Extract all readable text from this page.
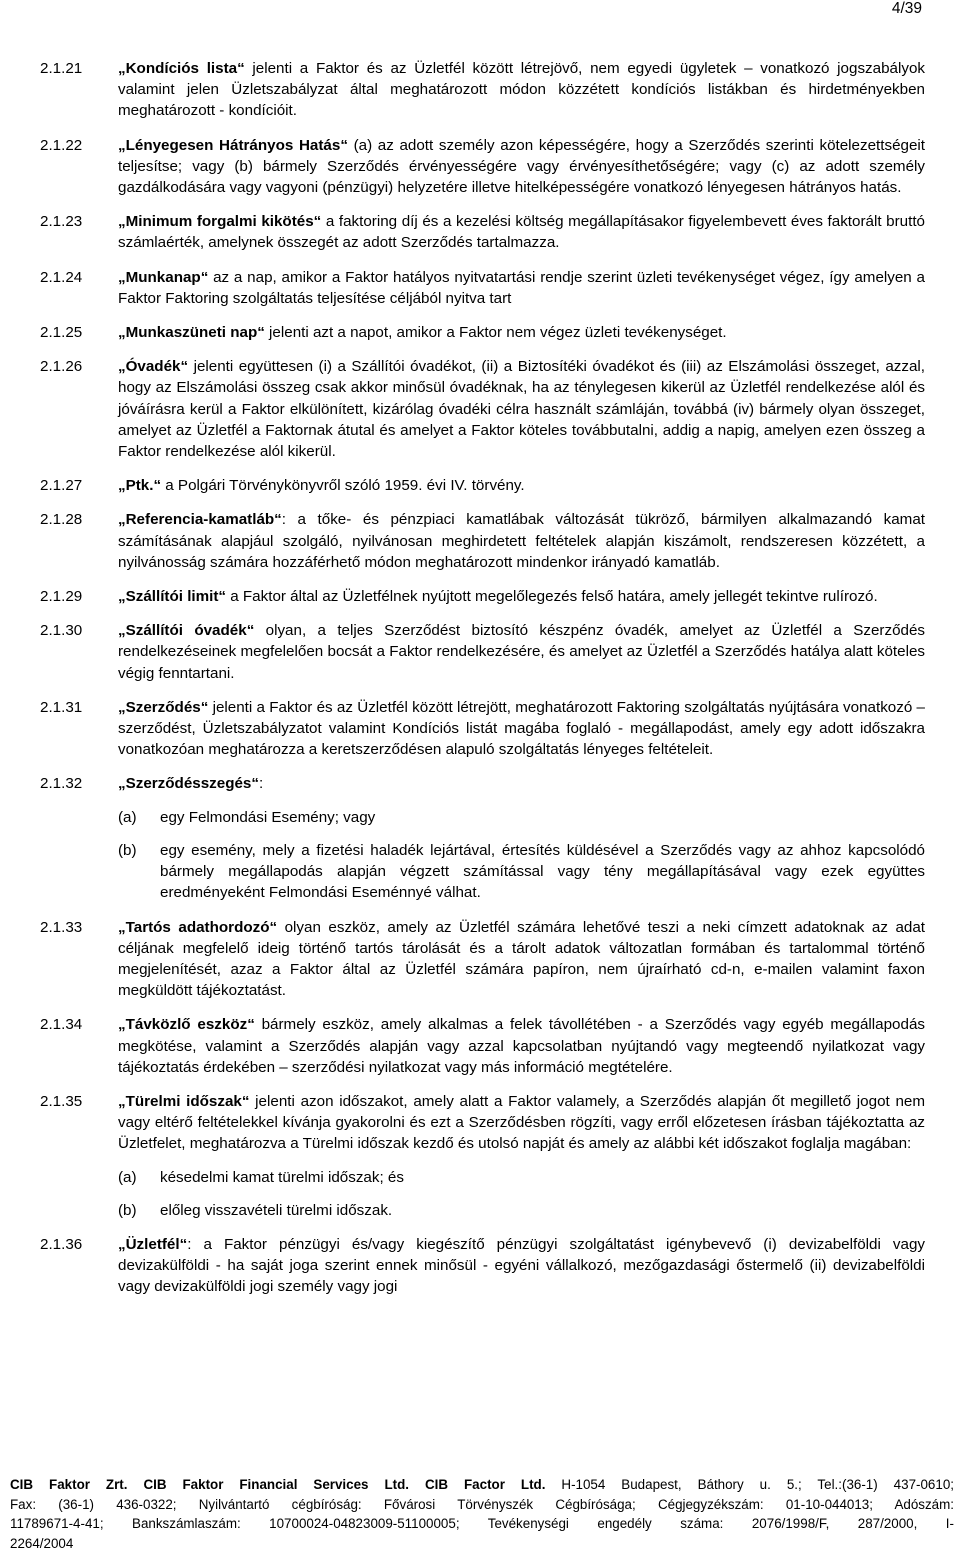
4/39
2.1.21	„Kondíciós lista“ jelenti a Faktor és az Üzletfél között létrejövő, nem egyedi ügyletek – vonatkozó jogszabályok valamint jelen Üzletszabályzat által meghatározott módon közzétett kondíciós listákban és hirdetményekben meghatározott - kondícióit.
2.1.22	„Lényegesen Hátrányos Hatás“ (a) az adott személy azon képességére, hogy a Szerződés szerinti kötelezettségeit teljesítse; vagy (b) bármely Szerződés érvényességére vagy érvényesíthetőségére; vagy (c) az adott személy gazdálkodására vagy vagyoni (pénzügyi) helyzetére illetve hitelképességére vonatkozó lényegesen hátrányos hatás.
2.1.23	„Minimum forgalmi kikötés“ a faktoring díj és a kezelési költség megállapításakor figyelembevett éves faktorált bruttó számlaérték, amelynek összegét az adott Szerződés tartalmazza.
2.1.24	„Munkanap“ az a nap, amikor a Faktor hatályos nyitvatartási rendje szerint üzleti tevékenységet végez, így amelyen a Faktor Faktoring szolgáltatás teljesítése céljából nyitva tart
2.1.25	„Munkaszüneti nap“ jelenti azt a napot, amikor a Faktor nem végez üzleti tevékenységet.
2.1.26	„Óvadék“ jelenti együttesen (i) a Szállítói óvadékot, (ii) a Biztosítéki óvadékot és (iii) az Elszámolási összeget, azzal, hogy az Elszámolási összeg csak akkor minősül óvadéknak, ha az ténylegesen kikerül az Üzletfél rendelkezése alól és jóváírásra kerül a Faktor elkülönített, kizárólag óvadéki célra használt számláján, továbbá (iv) bármely olyan összeget, amelyet az Üzletfél a Faktornak átutal és amelyet a Faktor köteles továbbutalni, addig a napig, amelyen ezen összeg a Faktor rendelkezése alól kikerül.
2.1.27	„Ptk.“ a Polgári Törvénykönyvről szóló 1959. évi IV. törvény.
2.1.28	„Referencia-kamatláb“: a tőke- és pénzpiaci kamatlábak változását tükröző, bármilyen alkalmazandó kamat számításának alapjául szolgáló, nyilvánosan meghirdetett feltételek alapján kiszámolt, rendszeresen közzétett, a nyilvánosság számára hozzáférhető módon meghatározott mindenkor irányadó kamatláb.
2.1.29	„Szállítói limit“ a Faktor által az Üzletfélnek nyújtott megelőlegezés felső határa, amely jellegét tekintve rulírozó.
2.1.30	„Szállítói óvadék“ olyan, a teljes Szerződést biztosító készpénz óvadék, amelyet az Üzletfél a Szerződés rendelkezéseinek megfelelően bocsát a Faktor rendelkezésére, és amelyet az Üzletfél a Szerződés hatálya alatt köteles végig fenntartani.
2.1.31	„Szerződés“ jelenti a Faktor és az Üzletfél között létrejött, meghatározott Faktoring szolgáltatás nyújtására vonatkozó – szerződést, Üzletszabályzatot valamint Kondíciós listát magába foglaló - megállapodást, amely egy adott időszakra vonatkozóan meghatározza a keretszerződésen alapuló szolgáltatás lényeges feltételeit.
2.1.32	„Szerződésszegés“:
(a)	egy Felmondási Esemény; vagy
(b)	egy esemény, mely a fizetési haladék lejártával, értesítés küldésével a Szerződés vagy az ahhoz kapcsolódó bármely megállapodás alapján végzett számítással vagy tény megállapításával vagy ezek együttes eredményeként Felmondási Eseménnyé válhat.
2.1.33	„Tartós adathordozó“ olyan eszköz, amely az Üzletfél számára lehetővé teszi a neki címzett adatoknak az adat céljának megfelelő ideig történő tartós tárolását és a tárolt adatok változatlan formában és tartalommal történő megjelenítését, azaz a Faktor által az Üzletfél számára papíron, nem újraírható cd-n, e-mailen valamint faxon megküldött tájékoztatást.
2.1.34	„Távközlő eszköz“ bármely eszköz, amely alkalmas a felek távollétében - a Szerződés vagy egyéb megállapodás megkötése, valamint a Szerződés alapján vagy azzal kapcsolatban nyújtandó vagy megteendő nyilatkozat vagy tájékoztatás érdekében – szerződési nyilatkozat vagy más információ megtételére.
2.1.35	„Türelmi időszak“ jelenti azon időszakot, amely alatt a Faktor valamely, a Szerződés alapján őt megillető jogot nem vagy eltérő feltételekkel kívánja gyakorolni és ezt a Szerződésben rögzíti, vagy erről előzetesen írásban tájékoztatta az Üzletfelet, meghatározva a Türelmi időszak kezdő és utolsó napját és amely az alábbi két időszakot foglalja magában:
(a)	késedelmi kamat türelmi időszak; és
(b)	előleg visszavételi türelmi időszak.
2.1.36	„Üzletfél“: a Faktor pénzügyi és/vagy kiegészítő pénzügyi szolgáltatást igénybevevő (i) devizabelföldi vagy devizakülföldi - ha saját joga szerint ennek minősül - egyéni vállalkozó, mezőgazdasági őstermelő (ii) devizabelföldi vagy devizakülföldi jogi személy vagy jogi
CIB Faktor Zrt. CIB Faktor Financial Services Ltd. CIB Factor Ltd. H-1054 Budapest, Báthory u. 5.; Tel.:(36-1) 437-0610;
Fax: (36-1) 436-0322; Nyilvántartó cégbíróság: Fővárosi Törvényszék Cégbírósága; Cégjegyzékszám: 01-10-044013; Adószám:
11789671-4-41; Bankszámlaszám: 10700024-04823009-51100005; Tevékenységi engedély száma: 2076/1998/F, 287/2000, I-
2264/2004
